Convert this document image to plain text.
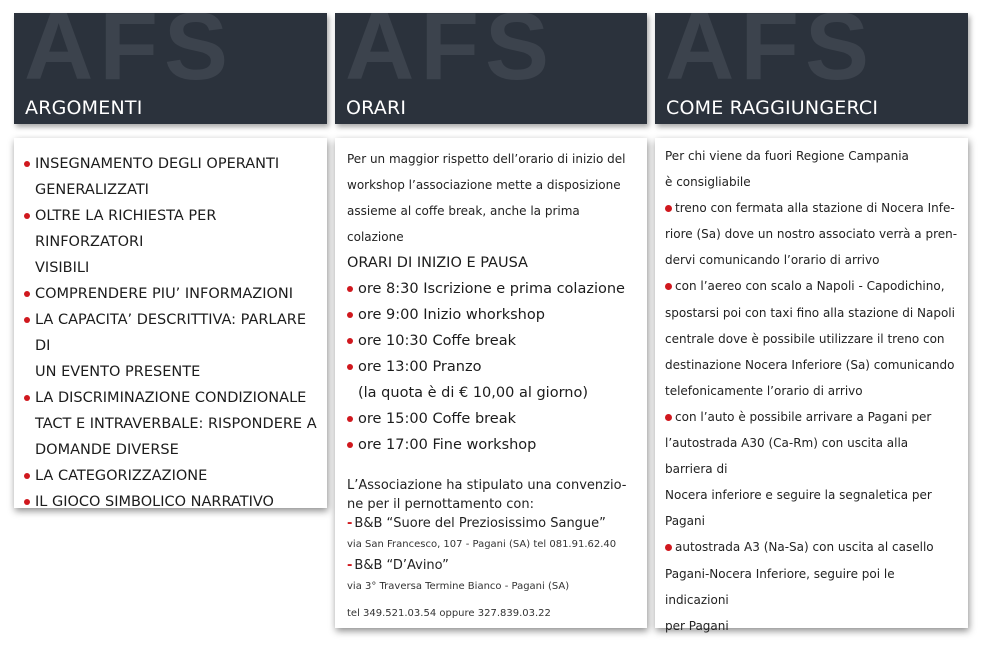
AFS
ARGOMENTI
INSEGNAMENTO DEGLI OPERANTI
GENERALIZZATI
OLTRE LA RICHIESTA PER RINFORZATORI
VISIBILI
COMPRENDERE PIU’ INFORMAZIONI
LA CAPACITA’ DESCRITTIVA: PARLARE DI
UN EVENTO PRESENTE
LA DISCRIMINAZIONE CONDIZIONALE
TACT E INTRAVERBALE: RISPONDERE A
DOMANDE DIVERSE
LA CATEGORIZZAZIONE
IL GIOCO SIMBOLICO NARRATIVO
AFS
ORARI
Per un maggior rispetto dell’orario di inizio del
workshop l’associazione mette a disposizione
assieme al coffe break, anche la prima colazione
ORARI DI INIZIO E PAUSA
ore 8:30 Iscrizione e prima colazione
ore 9:00 Inizio whorkshop
ore 10:30 Coffe break
ore 13:00 Pranzo
(la quota è di € 10,00 al giorno)
ore 15:00 Coffe break
ore 17:00 Fine workshop
L’Associazione ha stipulato una convenzio-
ne per il pernottamento con:
- B&B “Suore del Preziosissimo Sangue”
via San Francesco, 107 - Pagani (SA) tel 081.91.62.40
- B&B “D’Avino”
via 3° Traversa Termine Bianco - Pagani (SA)
tel 349.521.03.54 oppure 327.839.03.22
AFS
COME RAGGIUNGERCI
Per chi viene da fuori Regione Campania
è consigliabile
treno con fermata alla stazione di Nocera Infe-
riore (Sa) dove un nostro associato verrà a pren-
dervi comunicando l’orario di arrivo
con l’aereo con scalo a Napoli - Capodichino,
spostarsi poi con taxi fino alla stazione di Napoli
centrale dove è possibile utilizzare il treno con
destinazione Nocera Inferiore (Sa) comunicando
telefonicamente l’orario di arrivo
con l’auto è possibile arrivare a Pagani per
l’autostrada A30 (Ca-Rm) con uscita alla barriera di
Nocera inferiore e seguire la segnaletica per
Pagani
autostrada A3 (Na-Sa) con uscita al casello
Pagani-Nocera Inferiore, seguire poi le indicazioni
per Pagani
